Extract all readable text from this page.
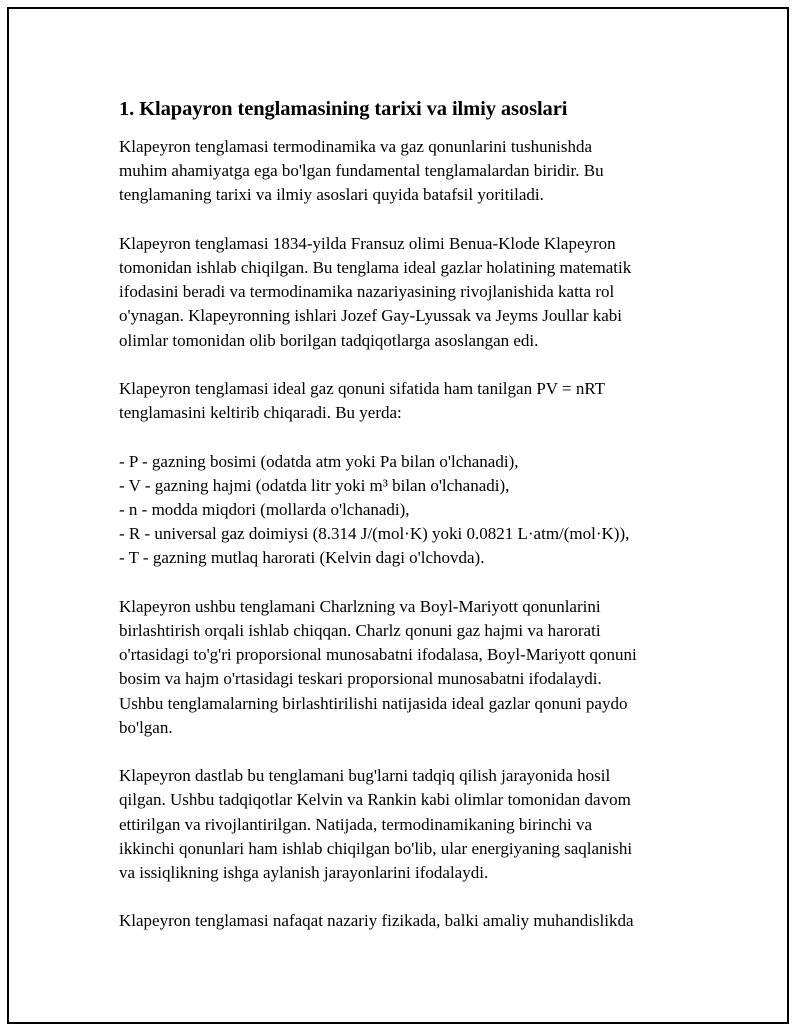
1. Klapayron tenglamasining tarixi va ilmiy asoslari

Klapeyron tenglamasi termodinamika va gaz qonunlarini tushunishda
muhim ahamiyatga ega bo'lgan fundamental tenglamalardan biridir. Bu
tenglamaning tarixi va ilmiy asoslari quyida batafsil yoritiladi.

Klapeyron tenglamasi 1834-yilda Fransuz olimi Benua-Klode Klapeyron
tomonidan ishlab chiqilgan. Bu tenglama ideal gazlar holatining matematik
ifodasini beradi va termodinamika nazariyasining rivojlanishida katta rol
o'ynagan. Klapeyronning ishlari Jozef Gay-Lyussak va Jeyms Joullar kabi
olimlar tomonidan olib borilgan tadqiqotlarga asoslangan edi.

Klapeyron tenglamasi ideal gaz qonuni sifatida ham tanilgan PV = nRT
tenglamasini keltirib chiqaradi. Bu yerda:

- P - gazning bosimi (odatda atm yoki Pa bilan o'lchanadi),
- V - gazning hajmi (odatda litr yoki m³ bilan o'lchanadi),
- n - modda miqdori (mollarda o'lchanadi),
- R - universal gaz doimiysi (8.314 J/(mol·K) yoki 0.0821 L·atm/(mol·K)),
- T - gazning mutlaq harorati (Kelvin dagi o'lchovda).

Klapeyron ushbu tenglamani Charlzning va Boyl-Mariyott qonunlarini
birlashtirish orqali ishlab chiqqan. Charlz qonuni gaz hajmi va harorati
o'rtasidagi to'g'ri proporsional munosabatni ifodalasa, Boyl-Mariyott qonuni
bosim va hajm o'rtasidagi teskari proporsional munosabatni ifodalaydi.
Ushbu tenglamalarning birlashtirilishi natijasida ideal gazlar qonuni paydo
bo'lgan.

Klapeyron dastlab bu tenglamani bug'larni tadqiq qilish jarayonida hosil
qilgan. Ushbu tadqiqotlar Kelvin va Rankin kabi olimlar tomonidan davom
ettirilgan va rivojlantirilgan. Natijada, termodinamikaning birinchi va
ikkinchi qonunlari ham ishlab chiqilgan bo'lib, ular energiyaning saqlanishi
va issiqlikning ishga aylanish jarayonlarini ifodalaydi.

Klapeyron tenglamasi nafaqat nazariy fizikada, balki amaliy muhandislikda
